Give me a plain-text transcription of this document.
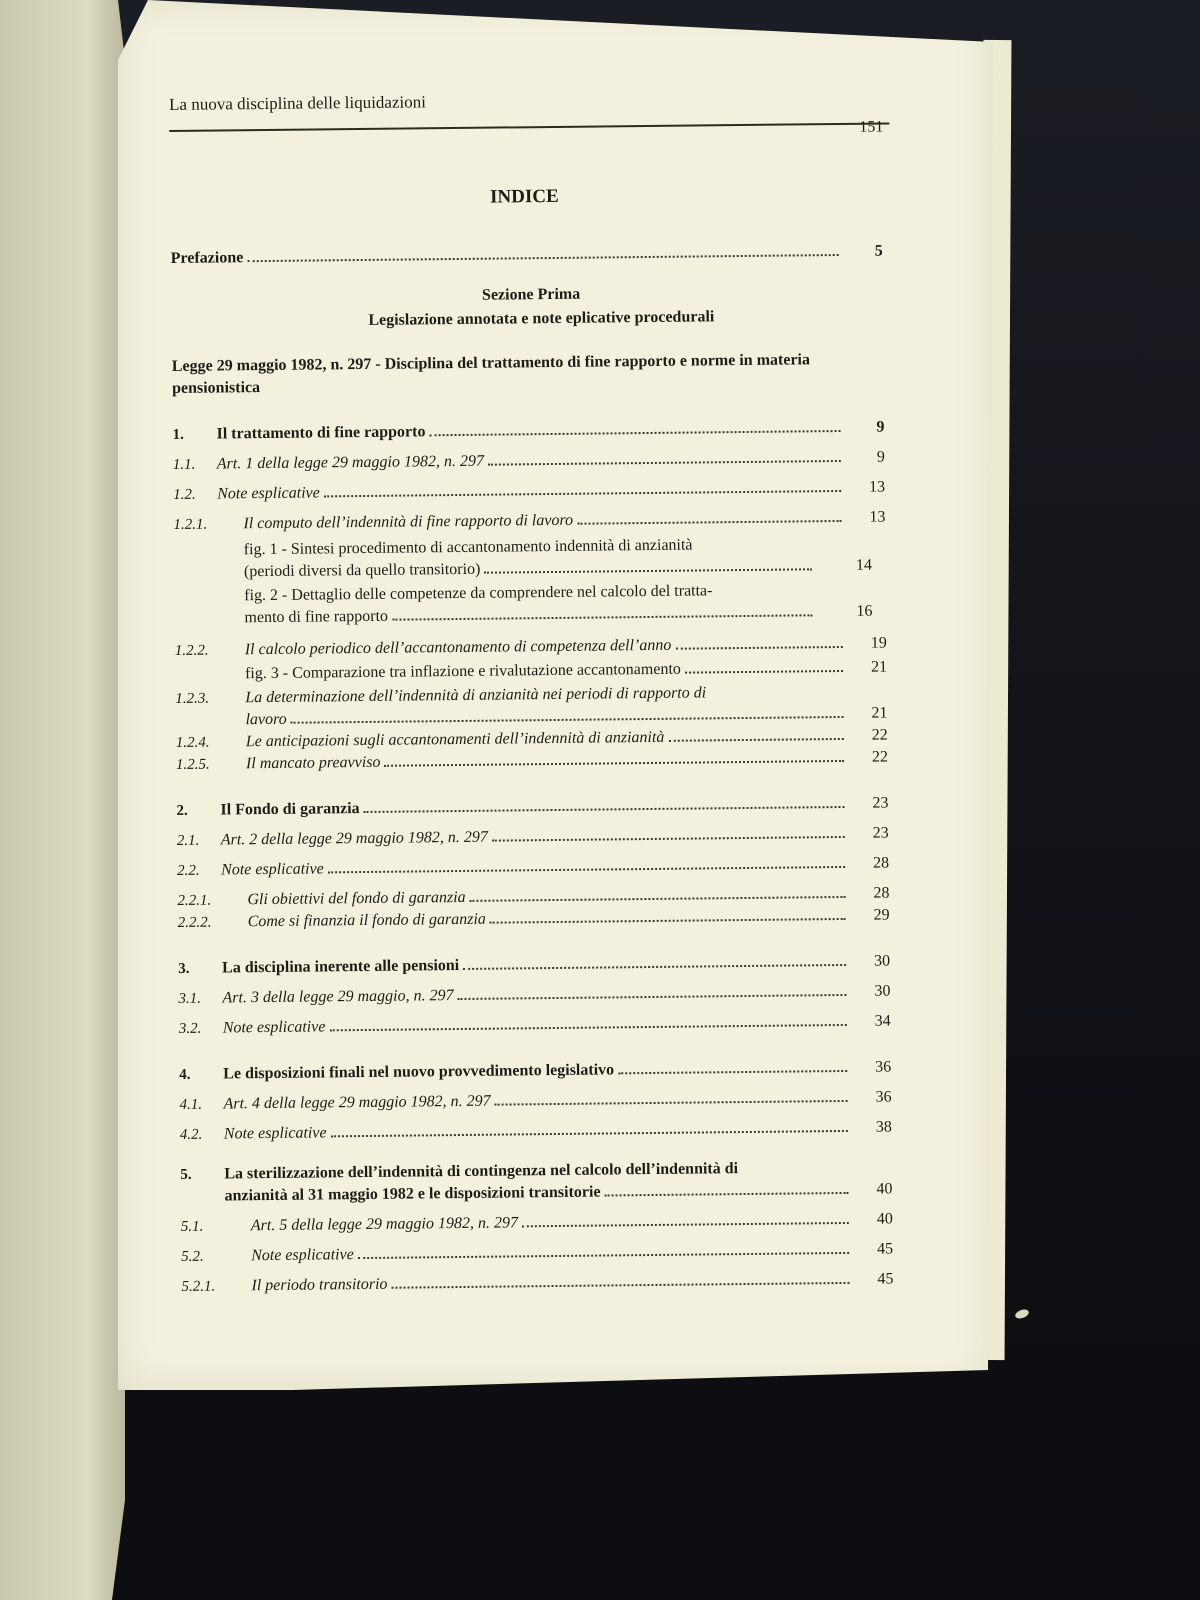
La nuova disciplina delle liquidazioni
151
INDICE
Prefazione	5
Sezione Prima
Legislazione annotata e note eplicative procedurali
Legge 29 maggio 1982, n. 297 - Disciplina del trattamento di fine rapporto e norme in materia pensionistica
1.	Il trattamento di fine rapporto	9
1.1.	Art. 1 della legge 29 maggio 1982, n. 297	9
1.2.	Note esplicative	13
1.2.1.	Il computo dell’indennità di fine rapporto di lavoro	13
fig. 1 - Sintesi procedimento di accantonamento indennità di anzianità
(periodi diversi da quello transitorio)	14
fig. 2 - Dettaglio delle competenze da comprendere nel calcolo del tratta-
mento di fine rapporto	16
1.2.2.	Il calcolo periodico dell’accantonamento di competenza dell’anno	19
fig. 3 - Comparazione tra inflazione e rivalutazione accantonamento	21
1.2.3.	La determinazione dell’indennità di anzianità nei periodi di rapporto di
lavoro	21
1.2.4.	Le anticipazioni sugli accantonamenti dell’indennità di anzianità	22
1.2.5.	Il mancato preavviso	22
2.	Il Fondo di garanzia	23
2.1.	Art. 2 della legge 29 maggio 1982, n. 297	23
2.2.	Note esplicative	28
2.2.1.	Gli obiettivi del fondo di garanzia	28
2.2.2.	Come si finanzia il fondo di garanzia	29
3.	La disciplina inerente alle pensioni	30
3.1.	Art. 3 della legge 29 maggio, n. 297	30
3.2.	Note esplicative	34
4.	Le disposizioni finali nel nuovo provvedimento legislativo	36
4.1.	Art. 4 della legge 29 maggio 1982, n. 297	36
4.2.	Note esplicative	38
5.	La sterilizzazione dell’indennità di contingenza nel calcolo dell’indennità di
anzianità al 31 maggio 1982 e le disposizioni transitorie	40
5.1.	Art. 5 della legge 29 maggio 1982, n. 297	40
5.2.	Note esplicative	45
5.2.1.	Il periodo transitorio	45
